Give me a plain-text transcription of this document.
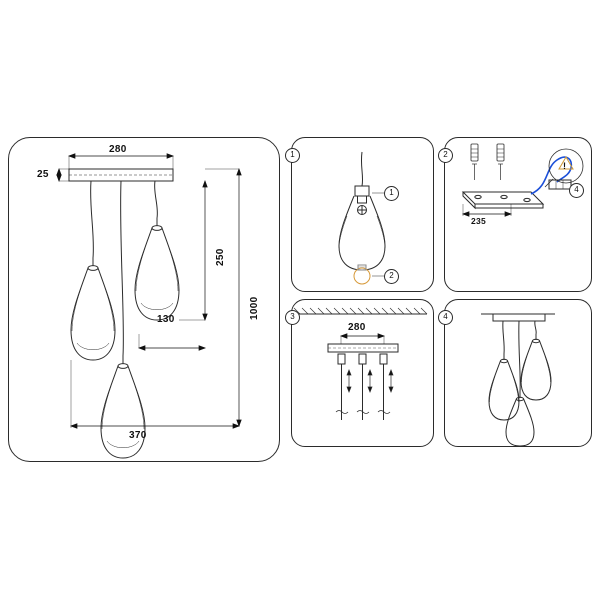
280
25
250
130	1000
370
1
1
2
!
2
4
235
3
280
4
